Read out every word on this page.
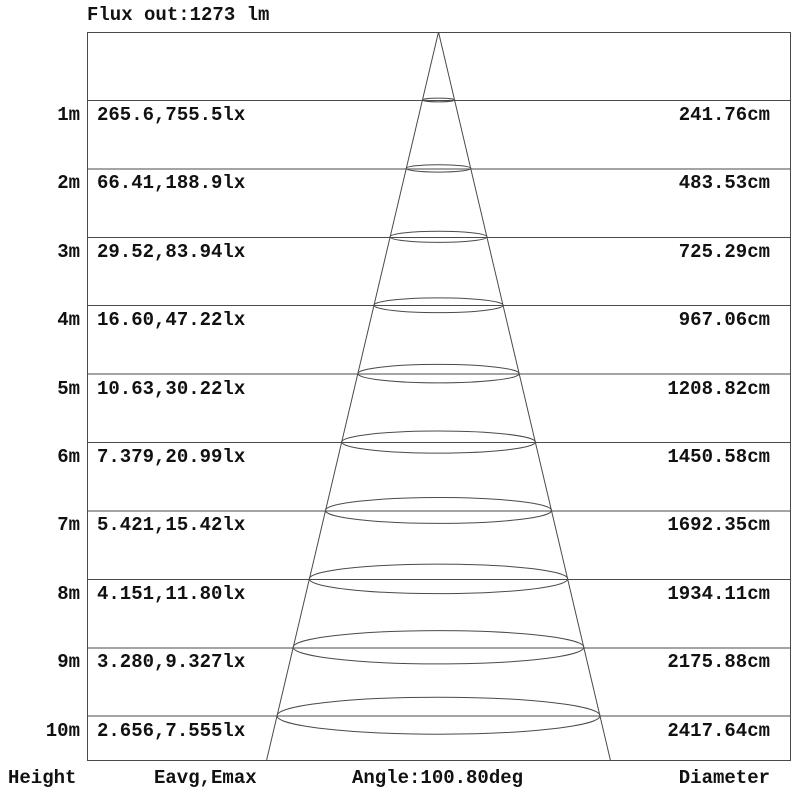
Flux out:1273 lm
1m 265.6,755.5lx	241.76cm
2m 66.41,188.9lx	483.53cm
3m 29.52,83.94lx	725.29cm
4m 16.60,47.22lx	967.06cm
5m 10.63,30.22lx	1208.82cm
6m 7.379,20.99lx	1450.58cm
7m 5.421,15.42lx	1692.35cm
8m 4.151,11.80lx	1934.11cm
9m 3.280,9.327lx	2175.88cm
10m 2.656,7.555lx	2417.64cm
Height	Eavg,Emax	Angle:100.80deg	Diameter
